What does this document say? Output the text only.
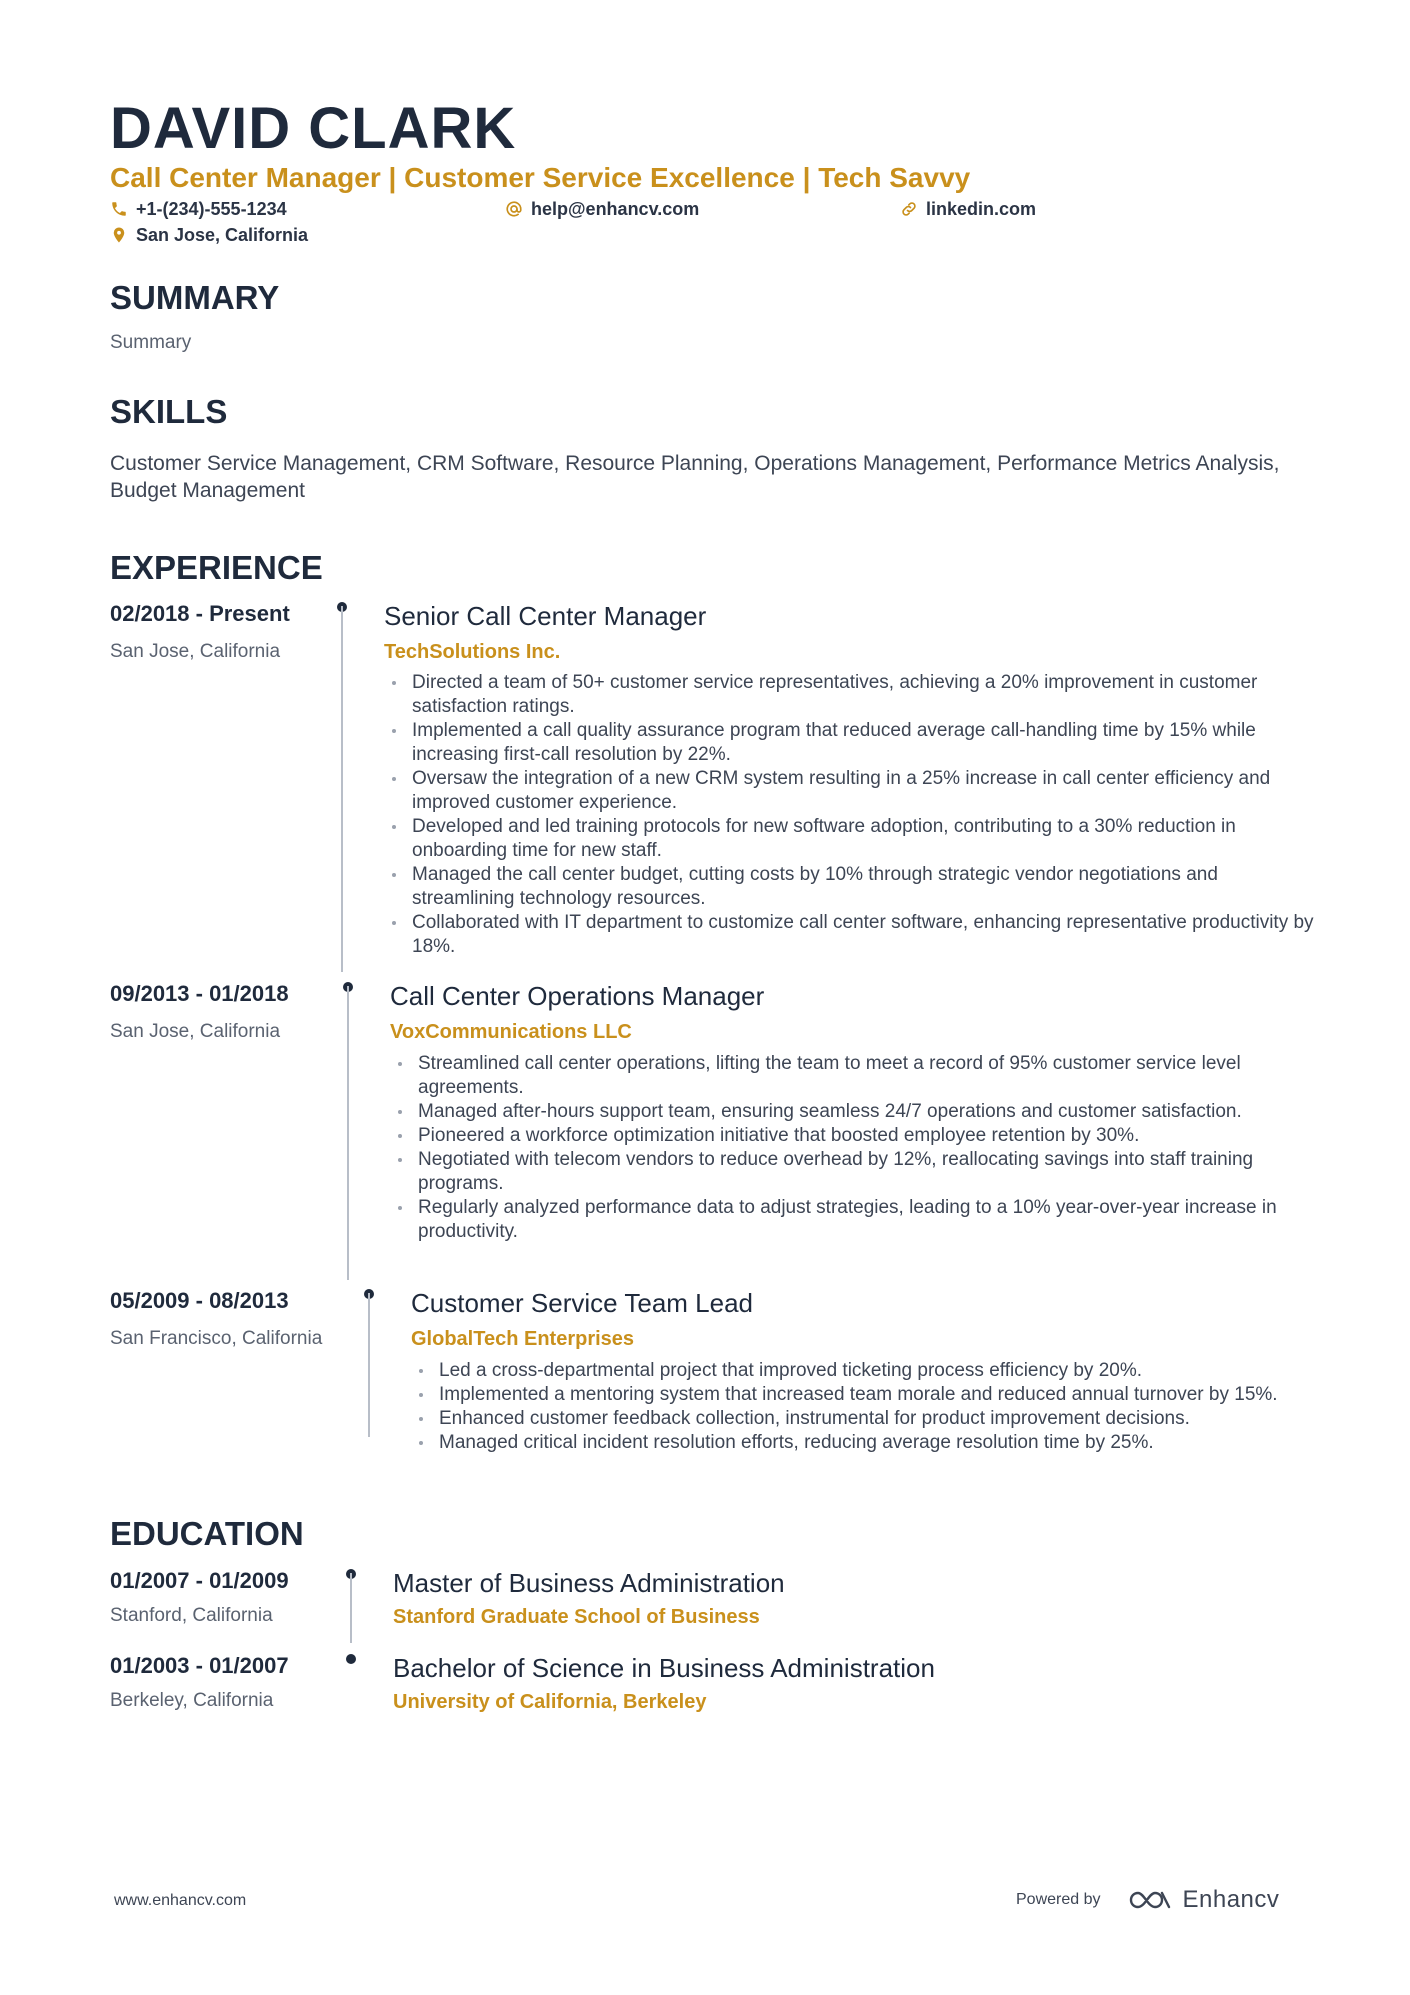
DAVID CLARK
Call Center Manager | Customer Service Excellence | Tech Savvy
+1-(234)-555-1234	help@enhancv.com	linkedin.com
San Jose, California
SUMMARY
Summary
SKILLS
Customer Service Management, CRM Software, Resource Planning, Operations Management, Performance Metrics Analysis, Budget Management
EXPERIENCE
02/2018 - Present
San Jose, California
Senior Call Center Manager
TechSolutions Inc.
Directed a team of 50+ customer service representatives, achieving a 20% improvement in customer satisfaction ratings.
Implemented a call quality assurance program that reduced average call-handling time by 15% while increasing first-call resolution by 22%.
Oversaw the integration of a new CRM system resulting in a 25% increase in call center efficiency and improved customer experience.
Developed and led training protocols for new software adoption, contributing to a 30% reduction in onboarding time for new staff.
Managed the call center budget, cutting costs by 10% through strategic vendor negotiations and streamlining technology resources.
Collaborated with IT department to customize call center software, enhancing representative productivity by 18%.
09/2013 - 01/2018
San Jose, California
Call Center Operations Manager
VoxCommunications LLC
Streamlined call center operations, lifting the team to meet a record of 95% customer service level agreements.
Managed after-hours support team, ensuring seamless 24/7 operations and customer satisfaction.
Pioneered a workforce optimization initiative that boosted employee retention by 30%.
Negotiated with telecom vendors to reduce overhead by 12%, reallocating savings into staff training programs.
Regularly analyzed performance data to adjust strategies, leading to a 10% year-over-year increase in productivity.
05/2009 - 08/2013
San Francisco, California
Customer Service Team Lead
GlobalTech Enterprises
Led a cross-departmental project that improved ticketing process efficiency by 20%.
Implemented a mentoring system that increased team morale and reduced annual turnover by 15%.
Enhanced customer feedback collection, instrumental for product improvement decisions.
Managed critical incident resolution efforts, reducing average resolution time by 25%.
EDUCATION
01/2007 - 01/2009
Stanford, California
Master of Business Administration
Stanford Graduate School of Business
01/2003 - 01/2007
Berkeley, California
Bachelor of Science in Business Administration
University of California, Berkeley
www.enhancv.com	Powered by	Enhancv
